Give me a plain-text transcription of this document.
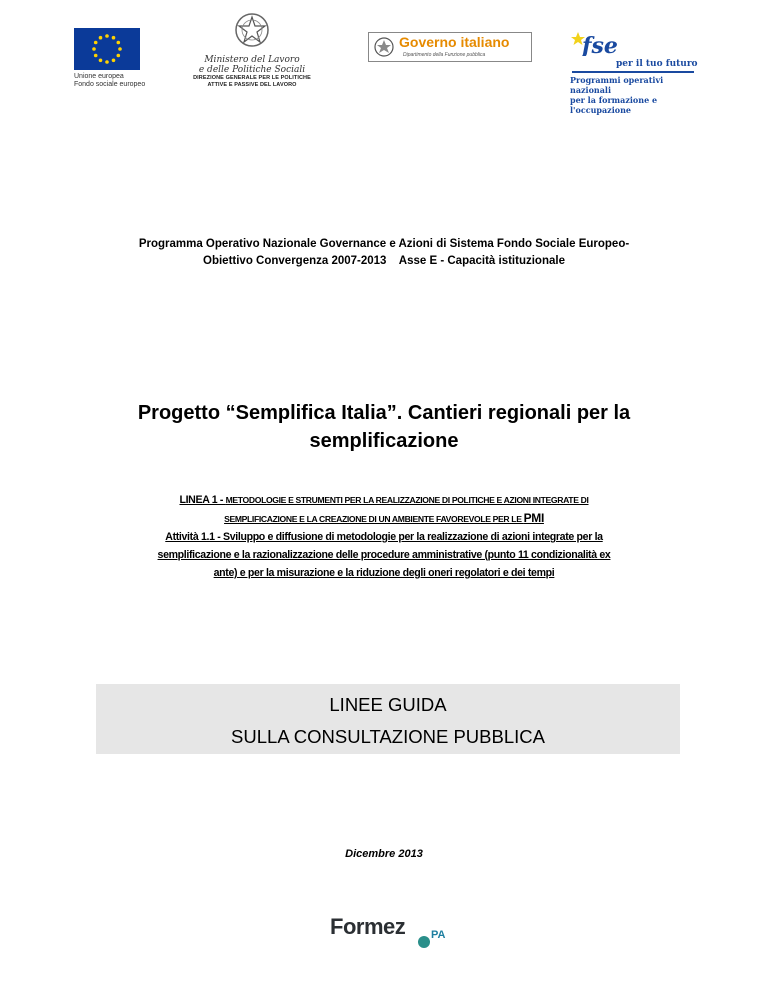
Unione europea
Fondo sociale europeo
Ministero del Lavoro
e delle Politiche Sociali
DIREZIONE GENERALE PER LE POLITICHE
ATTIVE E PASSIVE DEL LAVORO
Governo italiano
Dipartimento della Funzione pubblica	fse
per il tuo futuro
Programmi operativi nazionali
per la formazione e l'occupazione
Programma Operativo Nazionale Governance e Azioni di Sistema Fondo Sociale Europeo-
Obiettivo Convergenza 2007-2013    Asse E - Capacità istituzionale
Progetto “Semplifica Italia”. Cantieri regionali per la
semplificazione
LINEA 1 - METODOLOGIE E STRUMENTI PER LA REALIZZAZIONE DI POLITICHE E AZIONI INTEGRATE DI
SEMPLIFICAZIONE E LA CREAZIONE DI UN AMBIENTE FAVOREVOLE PER LE PMI
Attività 1.1 - Sviluppo e diffusione di metodologie per la realizzazione di azioni integrate per la
semplificazione e la razionalizzazione delle procedure amministrative (punto 11 condizionalità ex
ante) e per la misurazione e la riduzione degli oneri regolatori e dei tempi
LINEE GUIDA
SULLA CONSULTAZIONE PUBBLICA
Dicembre 2013
Formez PA
